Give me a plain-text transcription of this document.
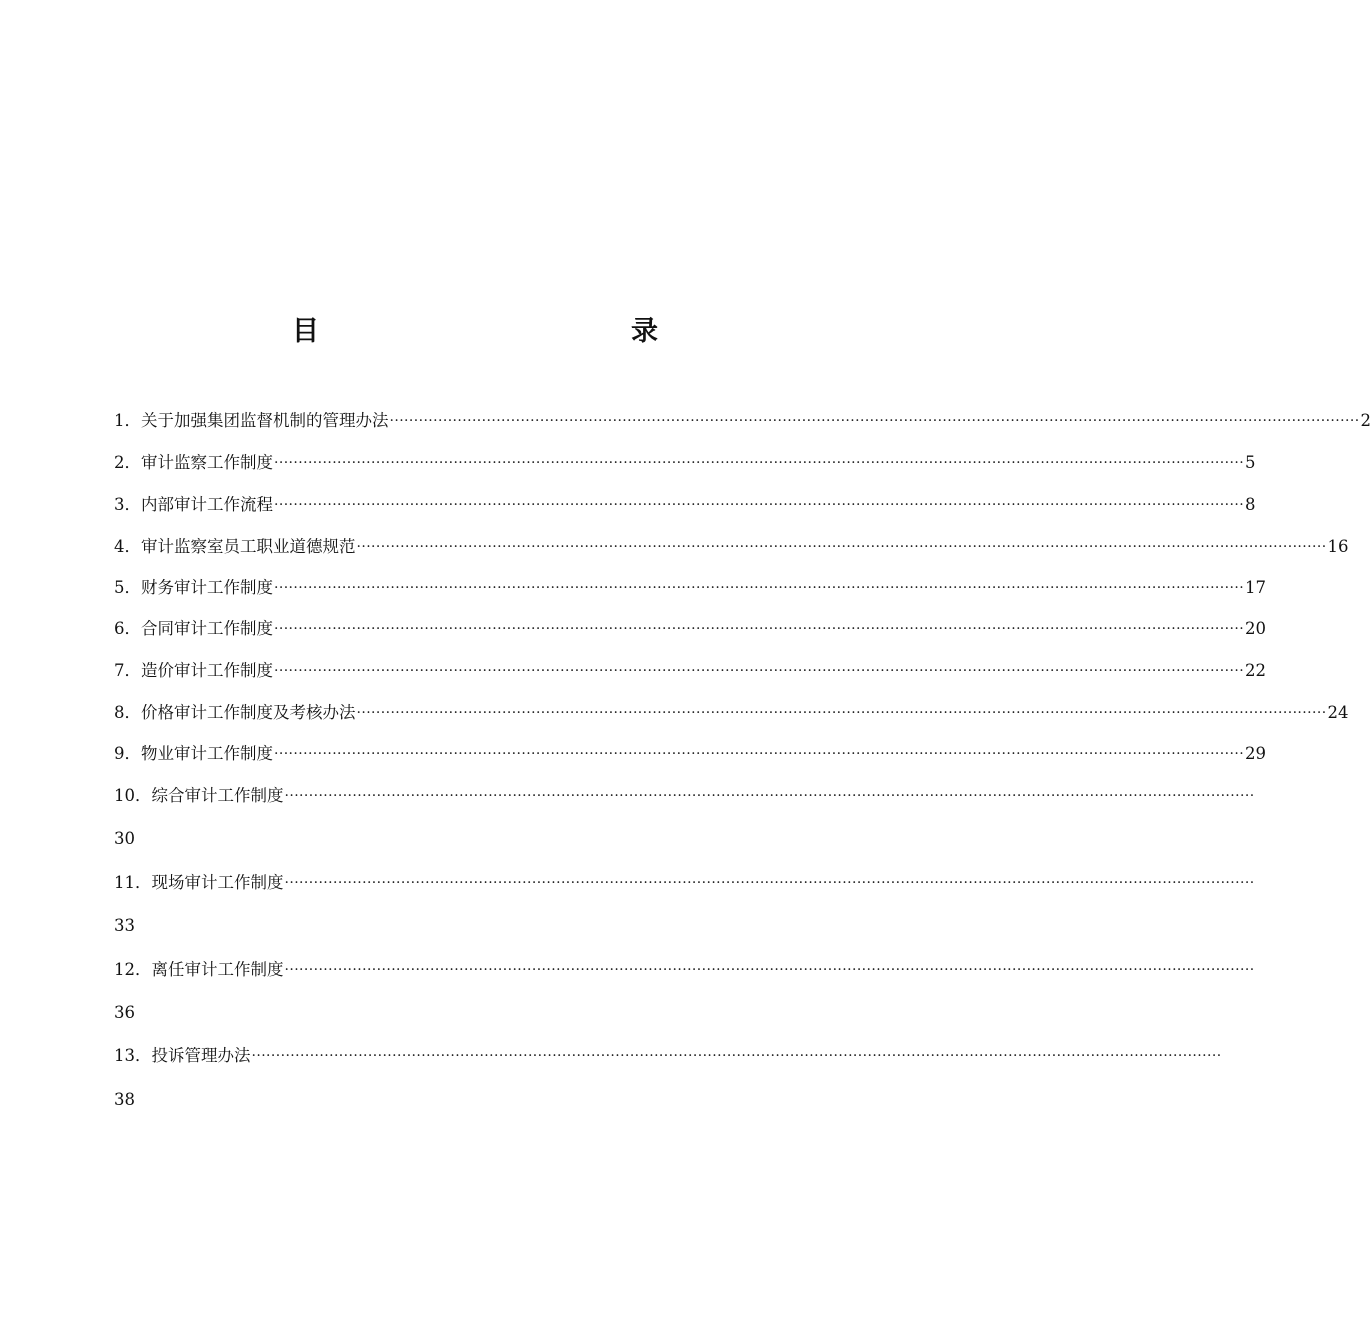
目　　录
1． 关于加强集团监督机制的管理办法 ········································································································································································································ 2
2． 审计监察工作制度 ········································································································································································································ 5
3． 内部审计工作流程 ········································································································································································································ 8
4． 审计监察室员工职业道德规范 ········································································································································································································ 16
5． 财务审计工作制度 ········································································································································································································ 17
6． 合同审计工作制度 ········································································································································································································ 20
7． 造价审计工作制度 ········································································································································································································ 22
8． 价格审计工作制度及考核办法 ········································································································································································································ 24
9． 物业审计工作制度 ········································································································································································································ 29
10． 综合审计工作制度 ········································································································································································································
30
11． 现场审计工作制度 ········································································································································································································
33
12． 离任审计工作制度 ········································································································································································································
36
13． 投诉管理办法 ········································································································································································································
38
